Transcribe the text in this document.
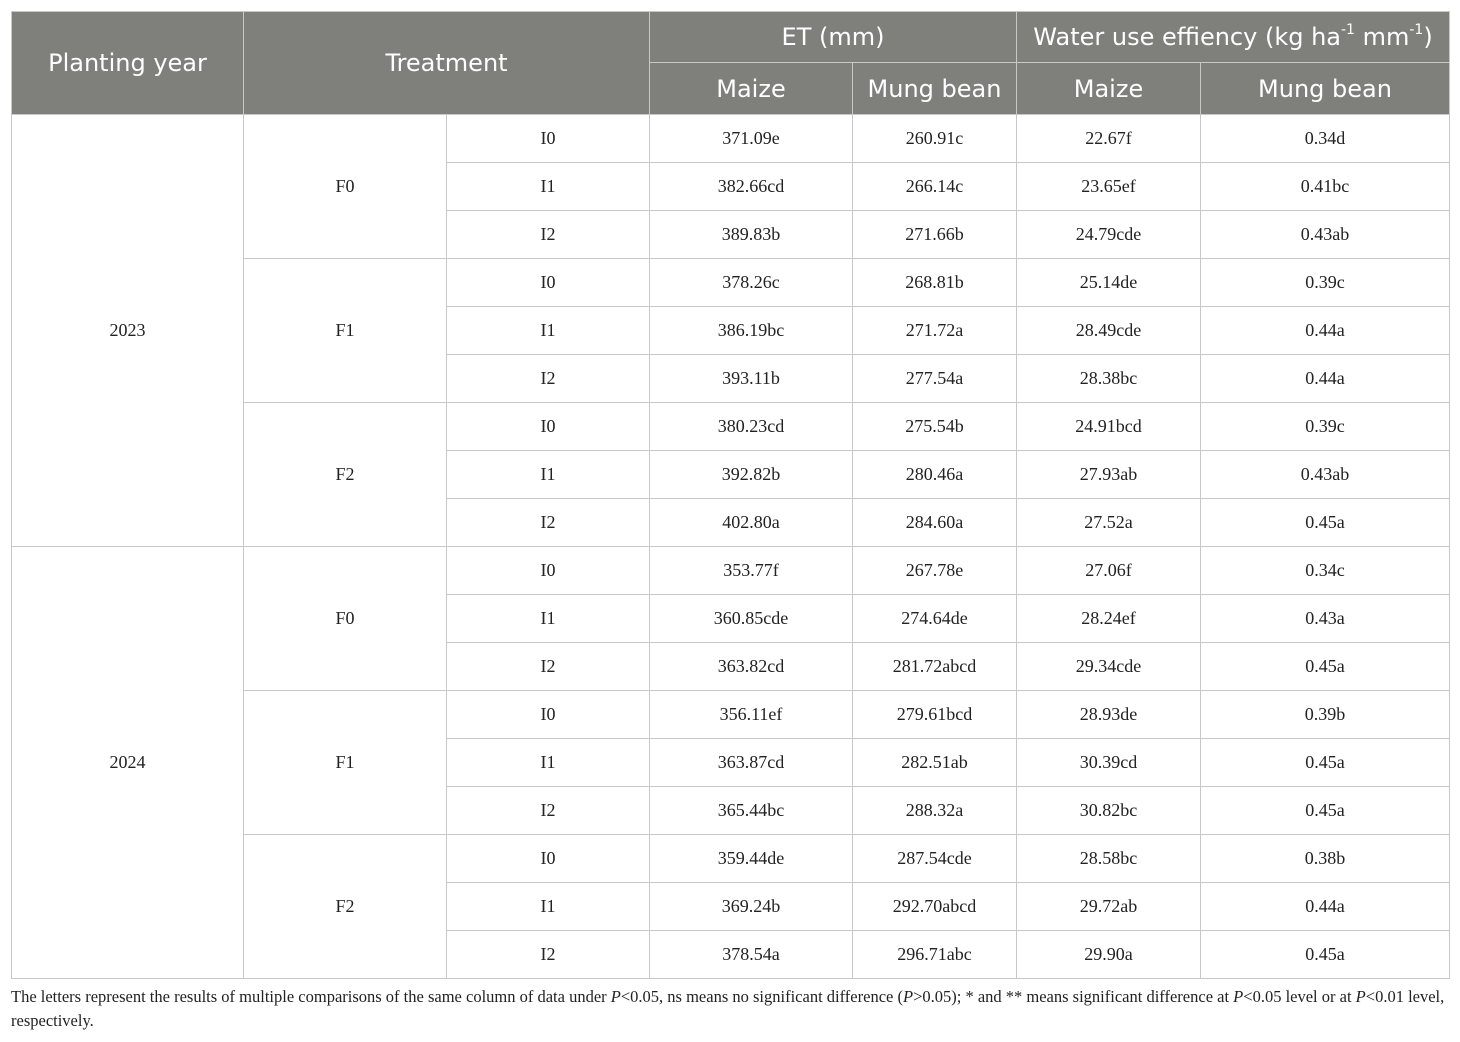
Planting year	Treatment		ET (mm)		Water use effiency (kg $ha^{-1}$ $mm^{-1}$)	
			Maize	Mung bean	Maize	Mung bean
2023	F0	I0	371.09e	260.91c	22.67f	0.34d
		I1	382.66cd	266.14c	23.65ef	0.41bc
		I2	389.83b	271.66b	24.79cde	0.43ab
	F1	I0	378.26c	268.81b	25.14de	0.39c
		I1	386.19bc	271.72a	28.49cde	0.44a
		I2	393.11b	277.54a	28.38bc	0.44a
	F2	I0	380.23cd	275.54b	24.91bcd	0.39c
		I1	392.82b	280.46a	27.93ab	0.43ab
		I2	402.80a	284.60a	27.52a	0.45a
2024	F0	I0	353.77f	267.78e	27.06f	0.34c
		I1	360.85cde	274.64de	28.24ef	0.43a
		I2	363.82cd	281.72abcd	29.34cde	0.45a
	F1	I0	356.11ef	279.61bcd	28.93de	0.39b
		I1	363.87cd	282.51ab	30.39cd	0.45a
		I2	365.44bc	288.32a	30.82bc	0.45a
	F2	I0	359.44de	287.54cde	28.58bc	0.38b
		I1	369.24b	292.70abcd	29.72ab	0.44a
		I2	378.54a	296.71abc	29.90a	0.45a
The letters represent the results of multiple comparisons of the same column of data under P<0.05, ns means no significant difference (P>0.05); * and ** means significant difference at P<0.05 level or at P<0.01 level, respectively.
